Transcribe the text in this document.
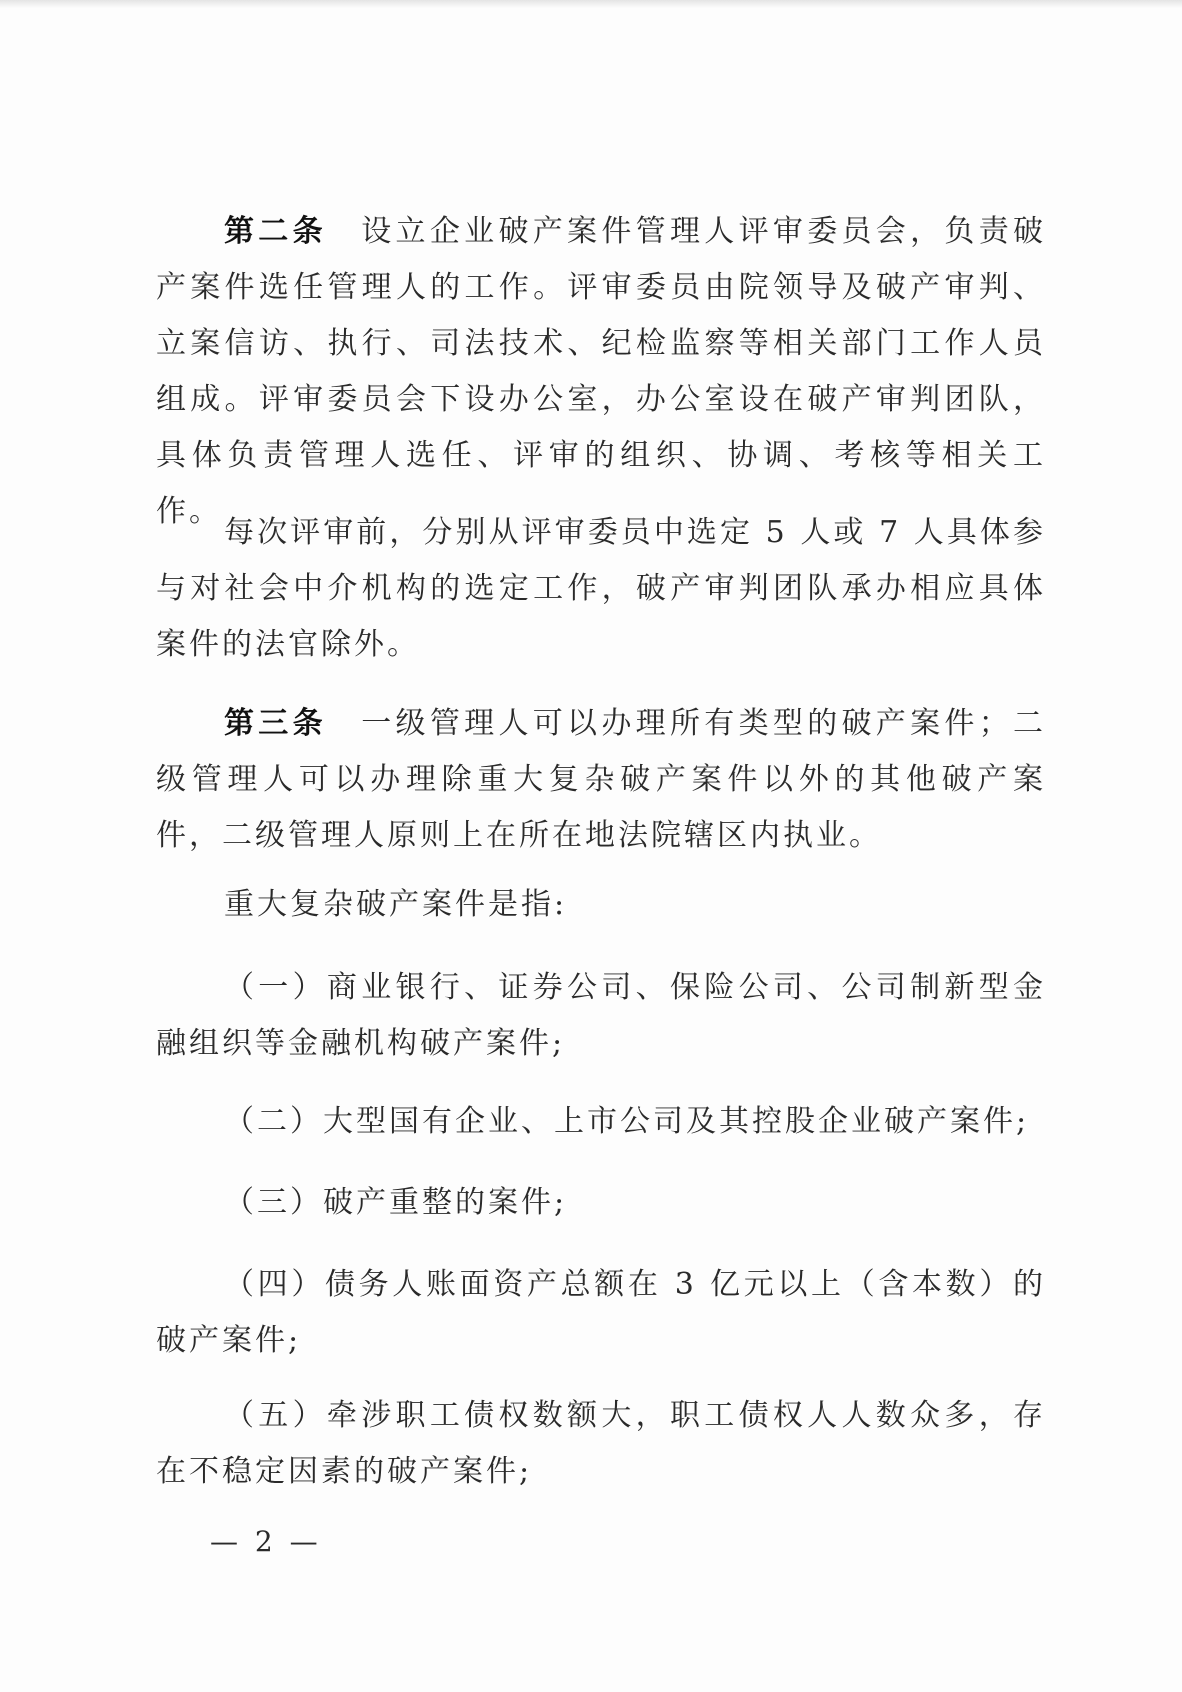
第二条　 设立企业破产案件管理人评审委员会，负责破产案件选任管理人的工作。评审委员由院领导及破产审判、立案信访、执行、司法技术、纪检监察等相关部门工作人员组成。评审委员会下设办公室，办公室设在破产审判团队，具体负责管理人选任、评审的组织、协调、考核等相关工作。

每次评审前，分别从评审委员中选定 5 人或 7 人具体参与对社会中介机构的选定工作，破产审判团队承办相应具体案件的法官除外。

第三条　 一级管理人可以办理所有类型的破产案件；二级管理人可以办理除重大复杂破产案件以外的其他破产案件，二级管理人原则上在所在地法院辖区内执业。

重大复杂破产案件是指:

（一）商业银行、证券公司、保险公司、公司制新型金融组织等金融机构破产案件;

（二）大型国有企业、上市公司及其控股企业破产案件;

（三）破产重整的案件;

（四）债务人账面资产总额在 3 亿元以上（含本数）的破产案件;

（五）牵涉职工债权数额大，职工债权人人数众多，存在不稳定因素的破产案件;

— 2 —
